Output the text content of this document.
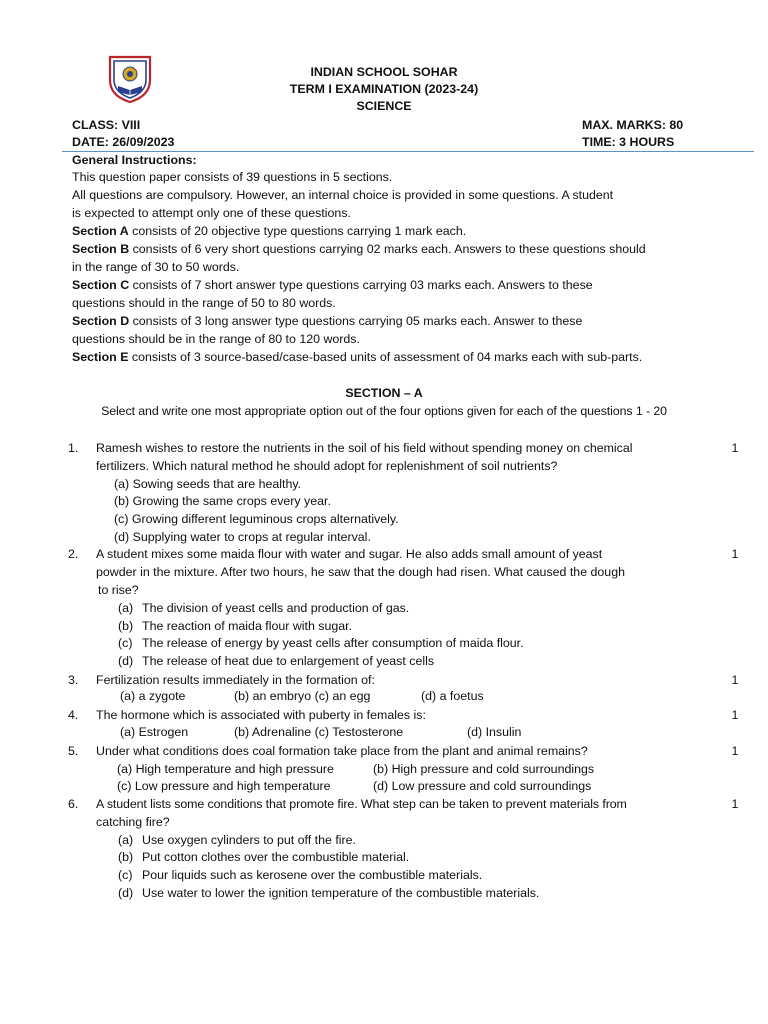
INDIAN SCHOOL SOHAR
TERM I EXAMINATION (2023-24)
SCIENCE
CLASS: VIII
DATE: 26/09/2023
MAX. MARKS: 80
TIME: 3 HOURS
General Instructions:
This question paper consists of 39 questions in 5 sections.
All questions are compulsory. However, an internal choice is provided in some questions. A student
is expected to attempt only one of these questions.
Section A consists of 20 objective type questions carrying 1 mark each.
Section B consists of 6 very short questions carrying 02 marks each. Answers to these questions should
in the range of 30 to 50 words.
Section C consists of 7 short answer type questions carrying 03 marks each. Answers to these
questions should in the range of 50 to 80 words.
Section D consists of 3 long answer type questions carrying 05 marks each. Answer to these
questions should be in the range of 80 to 120 words.
Section E consists of 3 source-based/case-based units of assessment of 04 marks each with sub-parts.
SECTION – A
Select and write one most appropriate option out of the four options given for each of the questions 1 - 20
1. Ramesh wishes to restore the nutrients in the soil of his field without spending money on chemical
fertilizers. Which natural method he should adopt for replenishment of soil nutrients?
(a) Sowing seeds that are healthy.
(b) Growing the same crops every year.
(c) Growing different leguminous crops alternatively.
(d) Supplying water to crops at regular interval.
1
2. A student mixes some maida flour with water and sugar. He also adds small amount of yeast
powder in the mixture. After two hours, he saw that the dough had risen. What caused the dough
to rise?
(a) The division of yeast cells and production of gas.
(b) The reaction of maida flour with sugar.
(c) The release of energy by yeast cells after consumption of maida flour.
(d) The release of heat due to enlargement of yeast cells
1
3. Fertilization results immediately in the formation of:
(a) a zygote	(b) an embryo (c) an egg	(d) a foetus
1
4. The hormone which is associated with puberty in females is:
(a) Estrogen	(b) Adrenaline (c) Testosterone	(d) Insulin
1
5. Under what conditions does coal formation take place from the plant and animal remains?
(a) High temperature and high pressure	(b) High pressure and cold surroundings
(c) Low pressure and high temperature	(d) Low pressure and cold surroundings
1
6. A student lists some conditions that promote fire. What step can be taken to prevent materials from
catching fire?
(a) Use oxygen cylinders to put off the fire.
(b) Put cotton clothes over the combustible material.
(c) Pour liquids such as kerosene over the combustible materials.
(d) Use water to lower the ignition temperature of the combustible materials.
1
